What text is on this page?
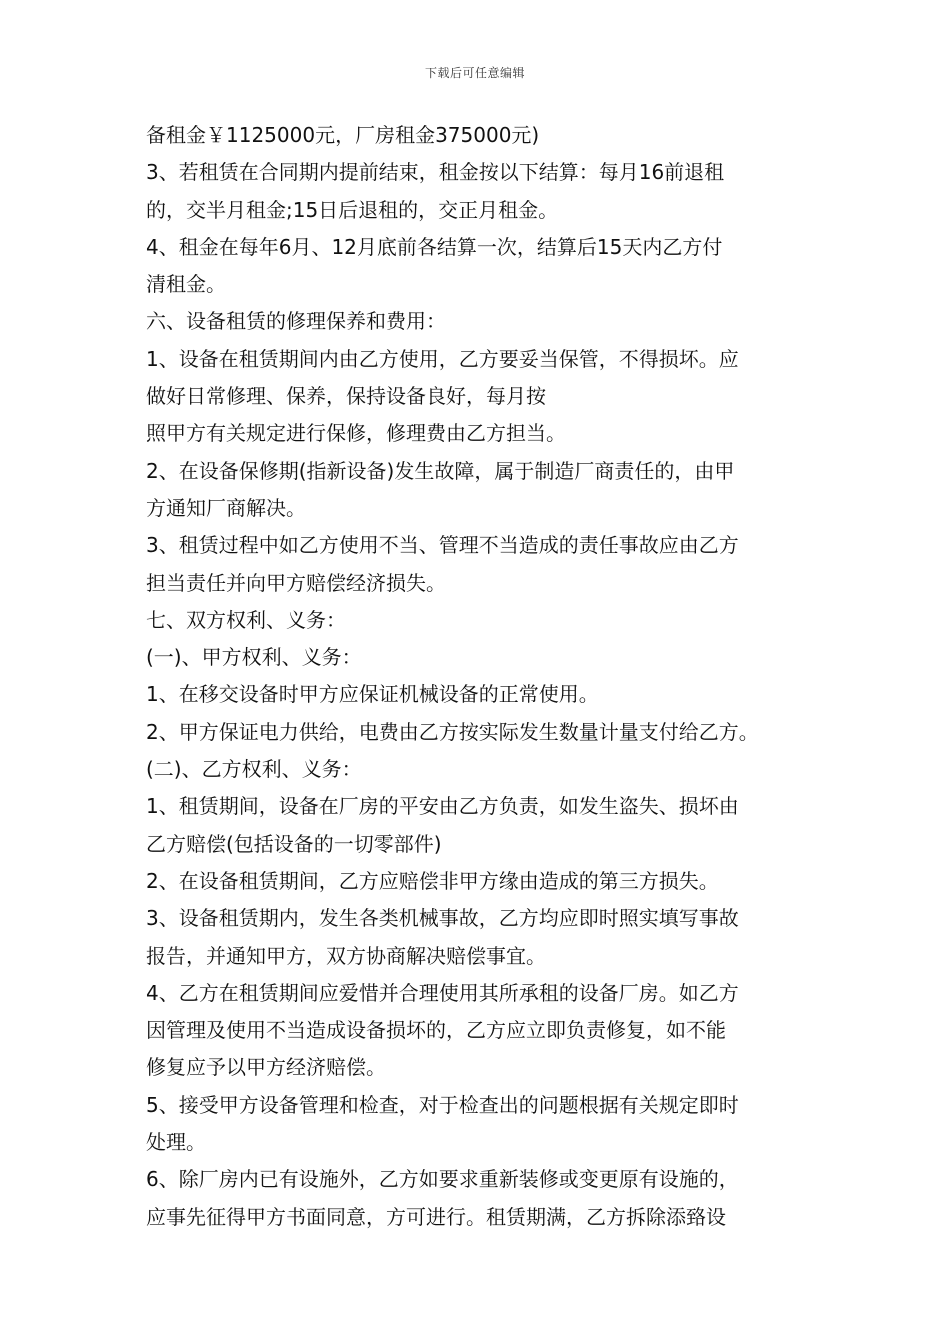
下载后可任意编辑
备租金￥1125000元，厂房租金375000元)
3、若租赁在合同期内提前结束，租金按以下结算：每月16前退租
的，交半月租金;15日后退租的，交正月租金。
4、租金在每年6月、12月底前各结算一次，结算后15天内乙方付
清租金。
六、设备租赁的修理保养和费用：
1、设备在租赁期间内由乙方使用，乙方要妥当保管，不得损坏。应
做好日常修理、保养，保持设备良好，每月按
照甲方有关规定进行保修，修理费由乙方担当。
2、在设备保修期(指新设备)发生故障，属于制造厂商责任的，由甲
方通知厂商解决。
3、租赁过程中如乙方使用不当、管理不当造成的责任事故应由乙方
担当责任并向甲方赔偿经济损失。
七、双方权利、义务：
(一)、甲方权利、义务：
1、在移交设备时甲方应保证机械设备的正常使用。
2、甲方保证电力供给，电费由乙方按实际发生数量计量支付给乙方。
(二)、乙方权利、义务：
1、租赁期间，设备在厂房的平安由乙方负责，如发生盗失、损坏由
乙方赔偿(包括设备的一切零部件)
2、在设备租赁期间，乙方应赔偿非甲方缘由造成的第三方损失。
3、设备租赁期内，发生各类机械事故，乙方均应即时照实填写事故
报告，并通知甲方，双方协商解决赔偿事宜。
4、乙方在租赁期间应爱惜并合理使用其所承租的设备厂房。如乙方
因管理及使用不当造成设备损坏的，乙方应立即负责修复，如不能
修复应予以甲方经济赔偿。
5、接受甲方设备管理和检查，对于检查出的问题根据有关规定即时
处理。
6、除厂房内已有设施外，乙方如要求重新装修或变更原有设施的，
应事先征得甲方书面同意，方可进行。租赁期满，乙方拆除添臵设
